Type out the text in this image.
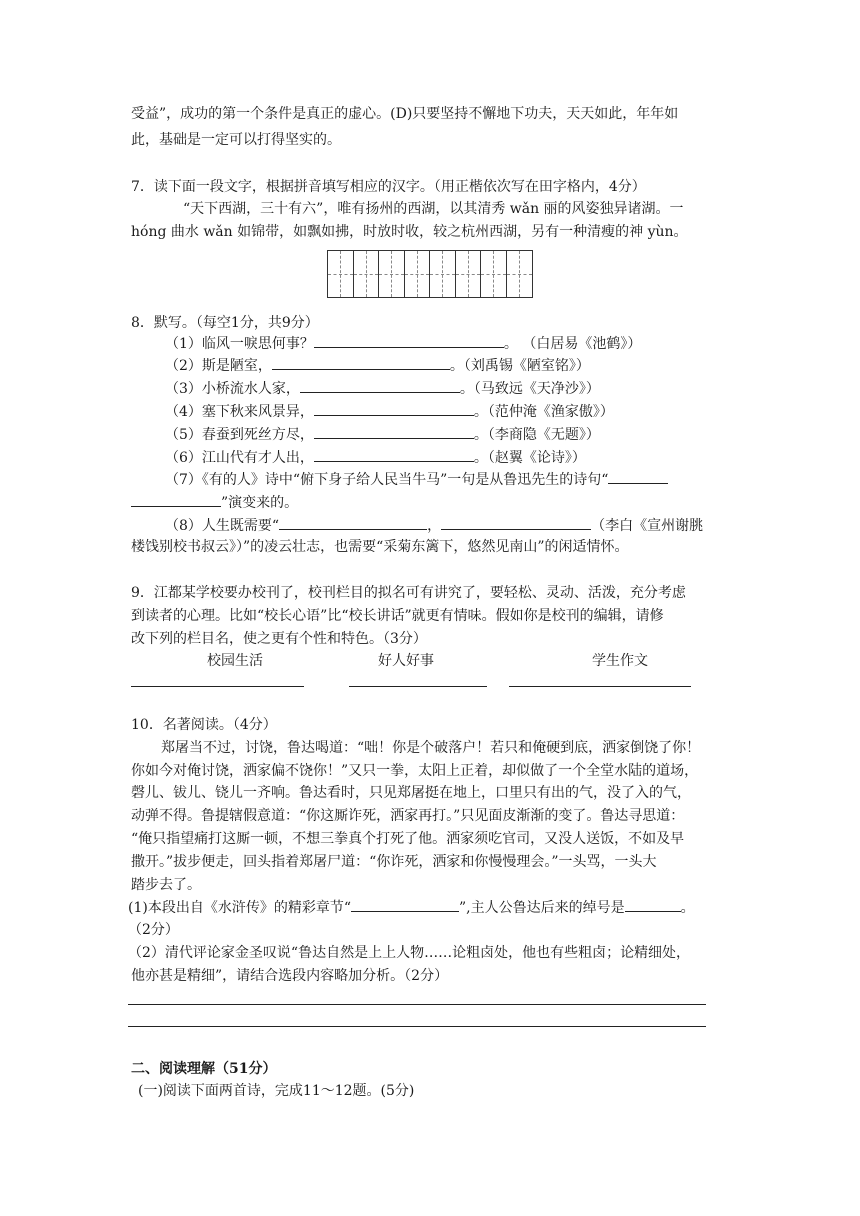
受益”，成功的第一个条件是真正的虚心。(D)只要坚持不懈地下功夫，天天如此，年年如
此，基础是一定可以打得坚实的。
7．读下面一段文字，根据拼音填写相应的汉字。（用正楷依次写在田字格内，4分）
“天下西湖，三十有六”，唯有扬州的西湖，以其清秀 wǎn 丽的风姿独异诸湖。一
hóng 曲水 wǎn 如锦带，如飘如拂，时放时收，较之杭州西湖，另有一种清瘦的神 yùn。
8．默写。（每空1分，共9分）
（1）临风一唳思何事？	。 （白居易《池鹤》）
（2）斯是陋室，	。（刘禹锡《陋室铭》）
（3）小桥流水人家，	。（马致远《天净沙》）
（4）塞下秋来风景异，	。（范仲淹《渔家傲》）
（5）春蚕到死丝方尽，	。（李商隐《无题》）
（6）江山代有才人出，	。（赵翼《论诗》）
（7）《有的人》诗中“俯下身子给人民当牛马”一句是从鲁迅先生的诗句“
”演变来的。
（8）人生既需要“	，	（李白《宣州谢朓
楼饯别校书叔云》）”的凌云壮志，也需要“采菊东篱下，悠然见南山”的闲适情怀。
9．江都某学校要办校刊了，校刊栏目的拟名可有讲究了，要轻松、灵动、活泼，充分考虑
到读者的心理。比如“校长心语”比“校长讲话”就更有情味。假如你是校刊的编辑，请修
改下列的栏目名，使之更有个性和特色。（3分）
校园生活	好人好事	学生作文
10．名著阅读。（4分）
郑屠当不过，讨饶，鲁达喝道：“咄！你是个破落户！若只和俺硬到底，洒家倒饶了你！
你如今对俺讨饶，洒家偏不饶你！”又只一拳，太阳上正着，却似做了一个全堂水陆的道场，
磬儿、钹儿、铙儿一齐响。鲁达看时，只见郑屠挺在地上，口里只有出的气，没了入的气，
动弹不得。鲁提辖假意道：“你这厮诈死，洒家再打。”只见面皮渐渐的变了。鲁达寻思道：
“俺只指望痛打这厮一顿，不想三拳真个打死了他。洒家须吃官司，又没人送饭，不如及早
撒开。”拔步便走，回头指着郑屠尸道：“你诈死，洒家和你慢慢理会。”一头骂，一头大
踏步去了。
(1)本段出自《水浒传》的精彩章节“	”,主人公鲁达后来的绰号是	。
（2分）
（2）清代评论家金圣叹说“鲁达自然是上上人物……论粗卤处，他也有些粗卤；论精细处，
他亦甚是精细”，请结合选段内容略加分析。（2分）
二、阅读理解（51分）
(一)阅读下面两首诗，完成11～12题。(5分)
